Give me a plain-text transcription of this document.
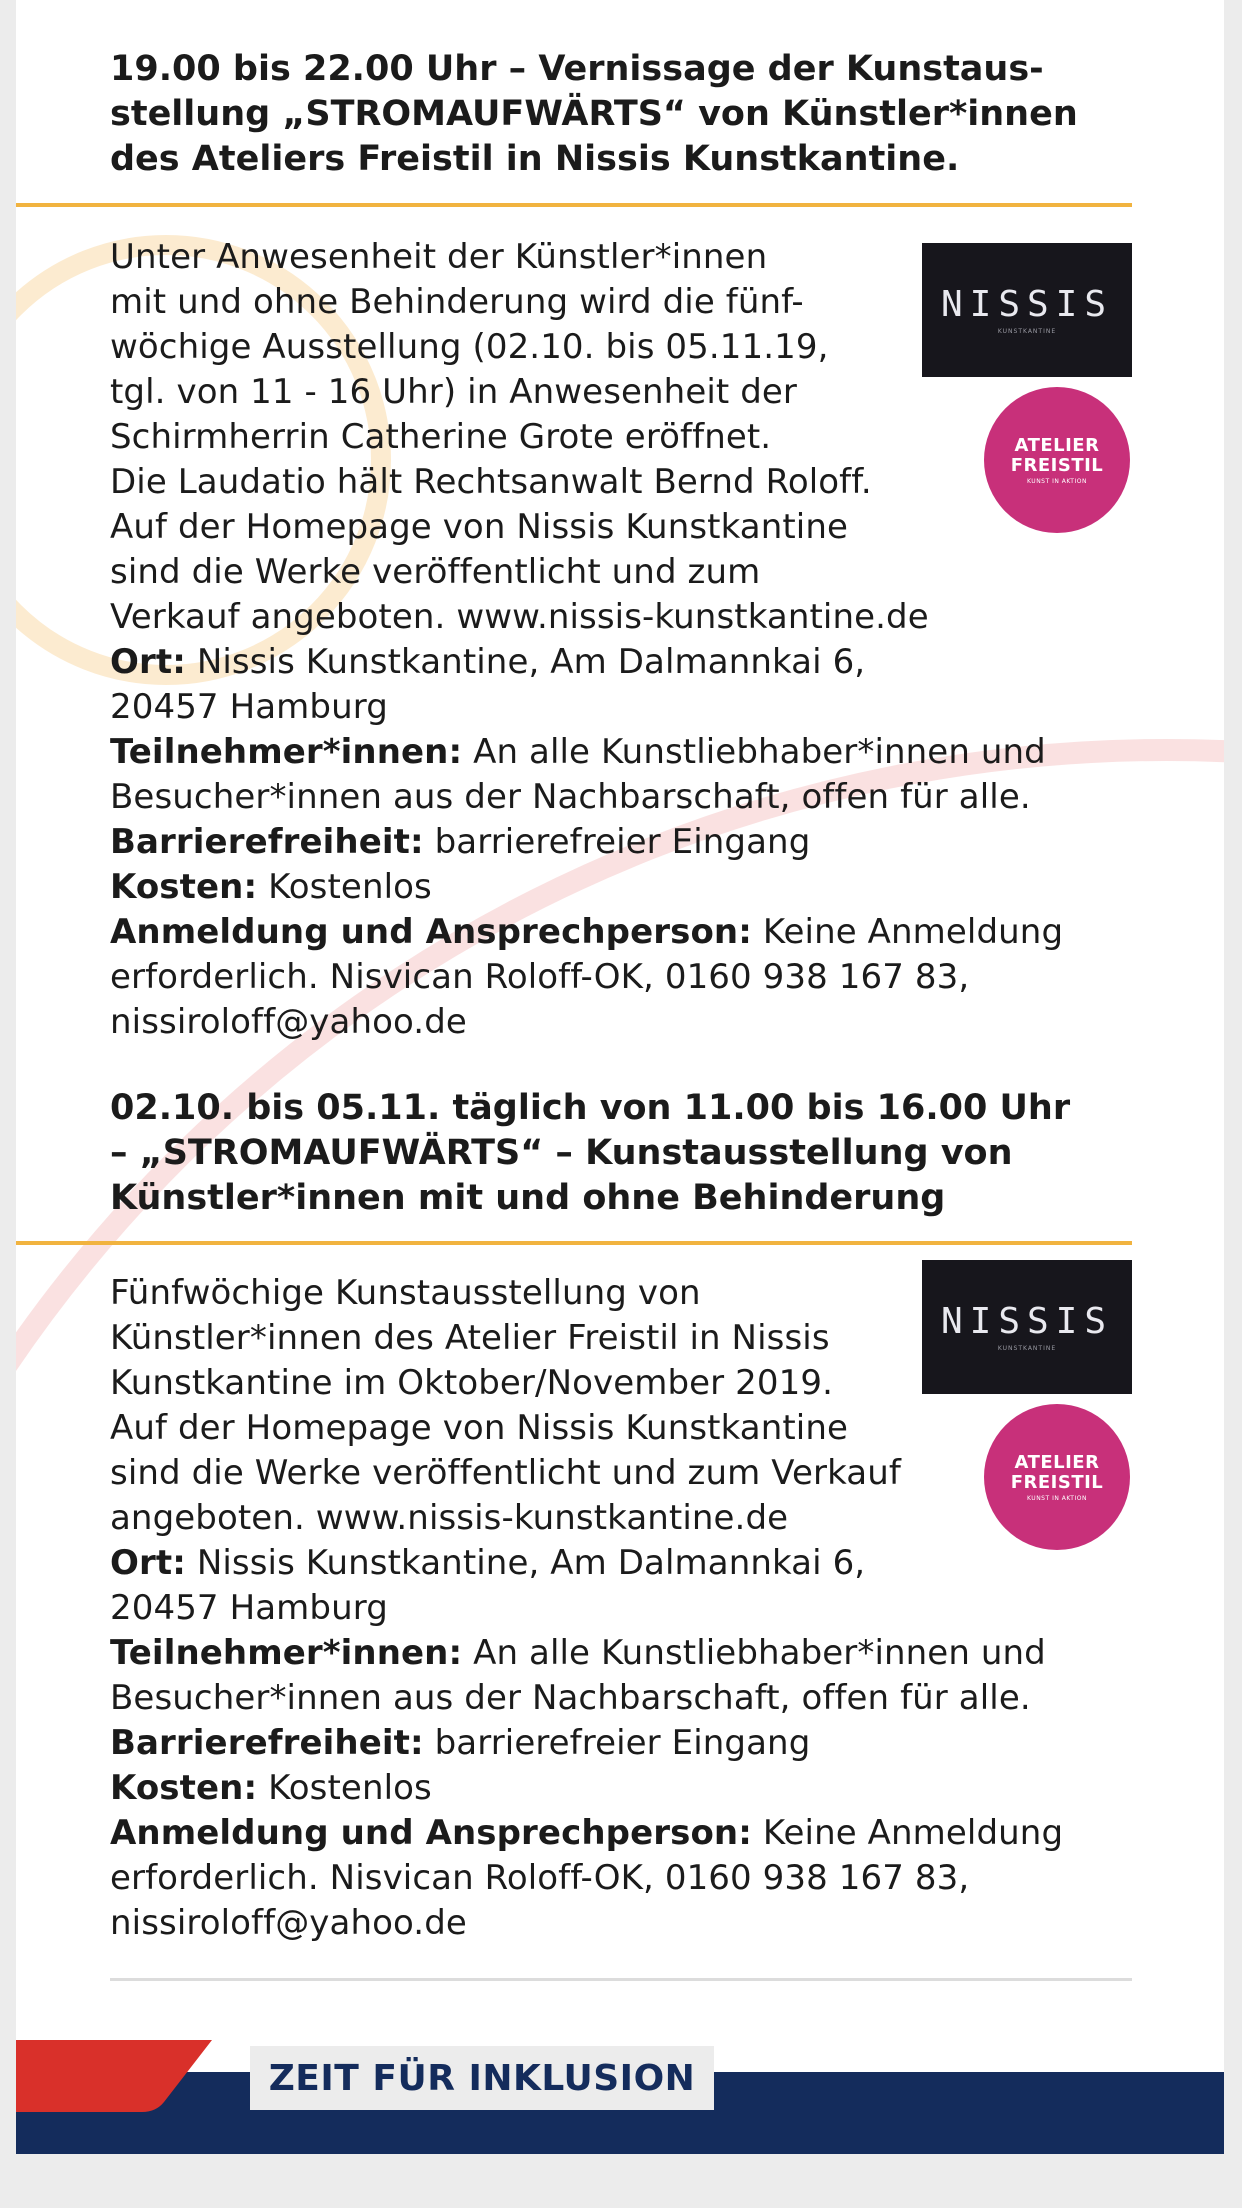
19.00 bis 22.00 Uhr – Vernissage der Kunstaus-
stellung „STROMAUFWÄRTS“ von Künstler*innen
des Ateliers Freistil in Nissis Kunstkantine.
NISSIS
KUNSTKANTINE
ATELIER
FREISTIL
KUNST IN AKTION
Unter Anwesenheit der Künstler*innen
mit und ohne Behinderung wird die fünf-
wöchige Ausstellung (02.10. bis 05.11.19,
tgl. von 11 - 16 Uhr) in Anwesenheit der
Schirmherrin Catherine Grote eröffnet.
Die Laudatio hält Rechtsanwalt Bernd Roloff.
Auf der Homepage von Nissis Kunstkantine
sind die Werke veröffentlicht und zum
Verkauf angeboten. www.nissis-kunstkantine.de
Ort: Nissis Kunstkantine, Am Dalmannkai 6,
20457 Hamburg
Teilnehmer*innen: An alle Kunstliebhaber*innen und
Besucher*innen aus der Nachbarschaft, offen für alle.
Barrierefreiheit: barrierefreier Eingang
Kosten: Kostenlos
Anmeldung und Ansprechperson: Keine Anmeldung
erforderlich. Nisvican Roloff-OK, 0160 938 167 83,
nissiroloff@yahoo.de
02.10. bis 05.11. täglich von 11.00 bis 16.00 Uhr
– „STROMAUFWÄRTS“ – Kunstausstellung von
Künstler*innen mit und ohne Behinderung
NISSIS
KUNSTKANTINE
ATELIER
FREISTIL
KUNST IN AKTION
Fünfwöchige Kunstausstellung von
Künstler*innen des Atelier Freistil in Nissis
Kunstkantine im Oktober/November 2019.
Auf der Homepage von Nissis Kunstkantine
sind die Werke veröffentlicht und zum Verkauf
angeboten. www.nissis-kunstkantine.de
Ort: Nissis Kunstkantine, Am Dalmannkai 6,
20457 Hamburg
Teilnehmer*innen: An alle Kunstliebhaber*innen und
Besucher*innen aus der Nachbarschaft, offen für alle.
Barrierefreiheit: barrierefreier Eingang
Kosten: Kostenlos
Anmeldung und Ansprechperson: Keine Anmeldung
erforderlich. Nisvican Roloff-OK, 0160 938 167 83,
nissiroloff@yahoo.de
ZEIT FÜR INKLUSION
